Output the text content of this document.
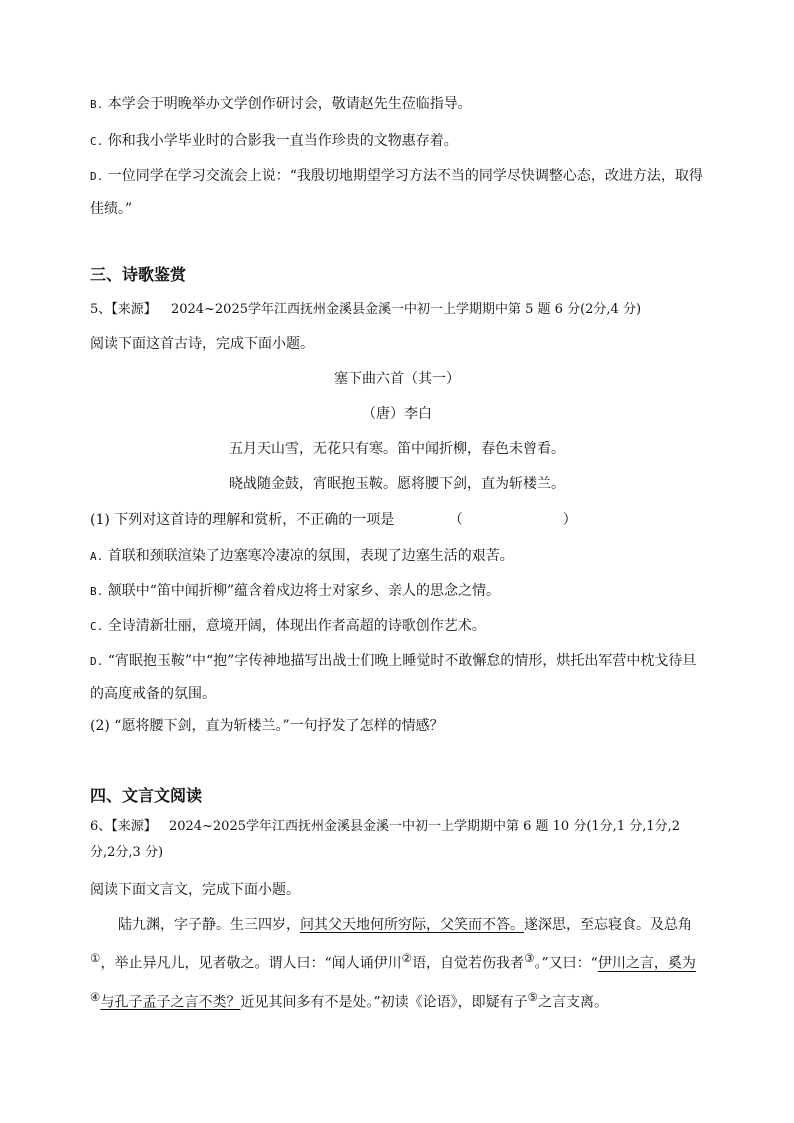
B. 本学会于明晚举办文学创作研讨会，敬请赵先生莅临指导。
C. 你和我小学毕业时的合影我一直当作珍贵的文物惠存着。
D. 一位同学在学习交流会上说：“我殷切地期望学习方法不当的同学尽快调整心态，改进方法，取得佳绩。”
三、诗歌鉴赏
5、【来源】 2024~2025学年江西抚州金溪县金溪一中初一上学期期中第 5 题 6 分(2分,4 分)
阅读下面这首古诗，完成下面小题。
塞下曲六首（其一）
（唐）李白
五月天山雪，无花只有寒。笛中闻折柳，春色未曾看。
晓战随金鼓，宵眠抱玉鞍。愿将腰下剑，直为斩楼兰。
(1) 下列对这首诗的理解和赏析，不正确的一项是	（	）
A. 首联和颈联渲染了边塞寒冷凄凉的氛围，表现了边塞生活的艰苦。
B. 颔联中“笛中闻折柳”蕴含着戍边将士对家乡、亲人的思念之情。
C. 全诗清新壮丽，意境开阔，体现出作者高超的诗歌创作艺术。
D. “宵眠抱玉鞍”中“抱”字传神地描写出战士们晚上睡觉时不敢懈怠的情形，烘托出军营中枕戈待旦的高度戒备的氛围。
(2) “愿将腰下剑，直为斩楼兰。”一句抒发了怎样的情感？
四、文言文阅读
6、【来源】 2024~2025学年江西抚州金溪县金溪一中初一上学期期中第 6 题 10 分(1分,1 分,1分,2 分,2分,3 分)
阅读下面文言文，完成下面小题。
陆九渊，字子静。生三四岁，问其父天地何所穷际，父笑而不答。遂深思，至忘寝食。及总角①，举止异凡儿，见者敬之。谓人曰：“闻人诵伊川②语，自觉若伤我者③。”又曰：“伊川之言，奚为④与孔子孟子之言不类？近见其间多有不是处。”初读《论语》，即疑有子⑤之言支离。
